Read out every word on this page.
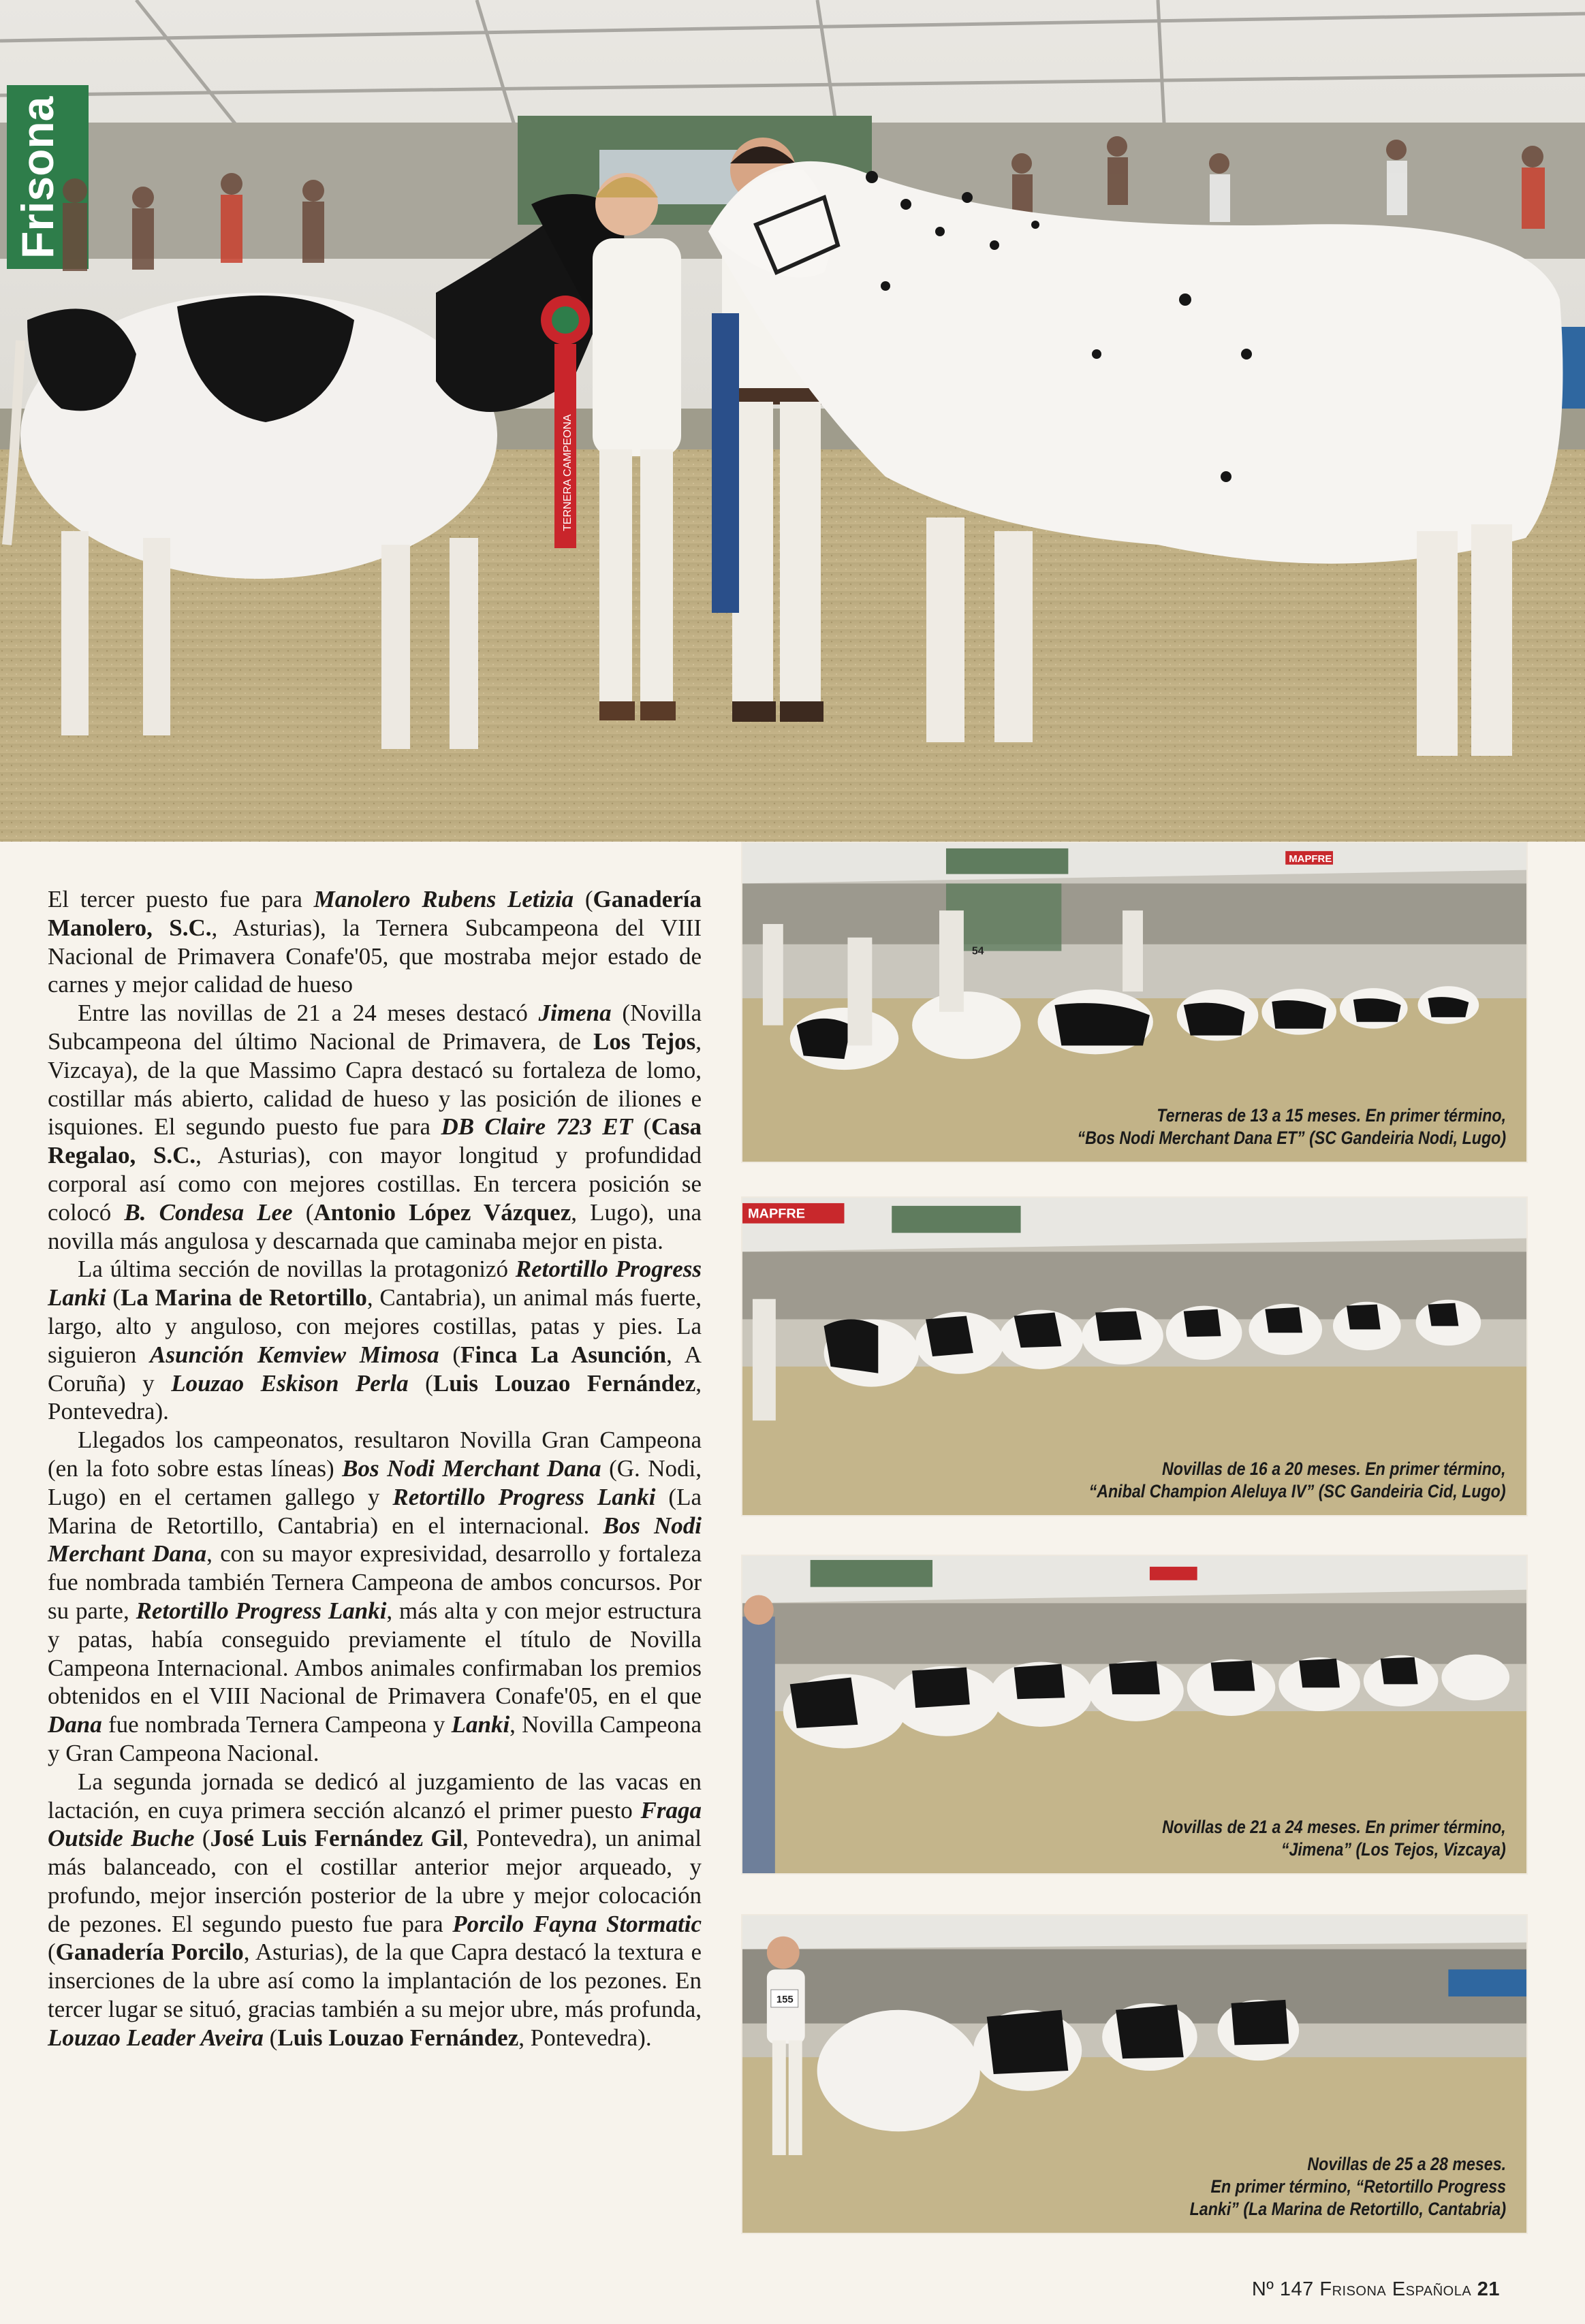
Frisona
TERNERA CAMPEONA

El tercer puesto fue para Manolero Rubens Letizia (Ganadería Manolero, S.C., Asturias), la Ternera Subcampeona del VIII Nacional de Primavera Conafe'05, que mostraba mejor estado de carnes y mejor calidad de hueso

Entre las novillas de 21 a 24 meses destacó Jimena (Novilla Subcampeona del último Nacional de Primavera, de Los Tejos, Vizcaya), de la que Massimo Capra destacó su fortaleza de lomo, costillar más abierto, calidad de hueso y las posición de iliones e isquiones. El segundo puesto fue para DB Claire 723 ET (Casa Regalao, S.C., Asturias), con mayor longitud y profundidad corporal así como con mejores costillas. En tercera posición se colocó B. Condesa Lee (Antonio López Vázquez, Lugo), una novilla más angulosa y descarnada que caminaba mejor en pista.

La última sección de novillas la protagonizó Retortillo Progress Lanki (La Marina de Retortillo, Cantabria), un animal más fuerte, largo, alto y anguloso, con mejores costillas, patas y pies. La siguieron Asunción Kemview Mimosa (Finca La Asunción, A Coruña) y Louzao Eskison Perla (Luis Louzao Fernández, Pontevedra).

Llegados los campeonatos, resultaron Novilla Gran Campeona (en la foto sobre estas líneas) Bos Nodi Merchant Dana (G. Nodi, Lugo) en el certamen gallego y Retortillo Progress Lanki (La Marina de Retortillo, Cantabria) en el internacional. Bos Nodi Merchant Dana, con su mayor expresividad, desarrollo y fortaleza fue nombrada también Ternera Campeona de ambos concursos. Por su parte, Retortillo Progress Lanki, más alta y con mejor estructura y patas, había conseguido previamente el título de Novilla Campeona Internacional. Ambos animales confirmaban los premios obtenidos en el VIII Nacional de Primavera Conafe'05, en el que Dana fue nombrada Ternera Campeona y Lanki, Novilla Campeona y Gran Campeona Nacional.

La segunda jornada se dedicó al juzgamiento de las vacas en lactación, en cuya primera sección alcanzó el primer puesto Fraga Outside Buche (José Luis Fernández Gil, Pontevedra), un animal más balanceado, con el costillar anterior mejor arqueado, y profundo, mejor inserción posterior de la ubre y mejor colocación de pezones. El segundo puesto fue para Porcilo Fayna Stormatic (Ganadería Porcilo, Asturias), de la que Capra destacó la textura e inserciones de la ubre así como la implantación de los pezones. En tercer lugar se situó, gracias también a su mejor ubre, más profunda, Louzao Leader Aveira (Luis Louzao Fernández, Pontevedra).

MAPFRE
54
Terneras de 13 a 15 meses. En primer término,
“Bos Nodi Merchant Dana ET” (SC Gandeiria Nodi, Lugo)
MAPFRE
Novillas de 16 a 20 meses. En primer término,
“Anibal Champion Aleluya IV” (SC Gandeiria Cid, Lugo)
Novillas de 21 a 24 meses. En primer término,
“Jimena” (Los Tejos, Vizcaya)
155
Novillas de 25 a 28 meses.
En primer término, “Retortillo Progress
Lanki” (La Marina de Retortillo, Cantabria)
Nº 147 Frisona Española 21
